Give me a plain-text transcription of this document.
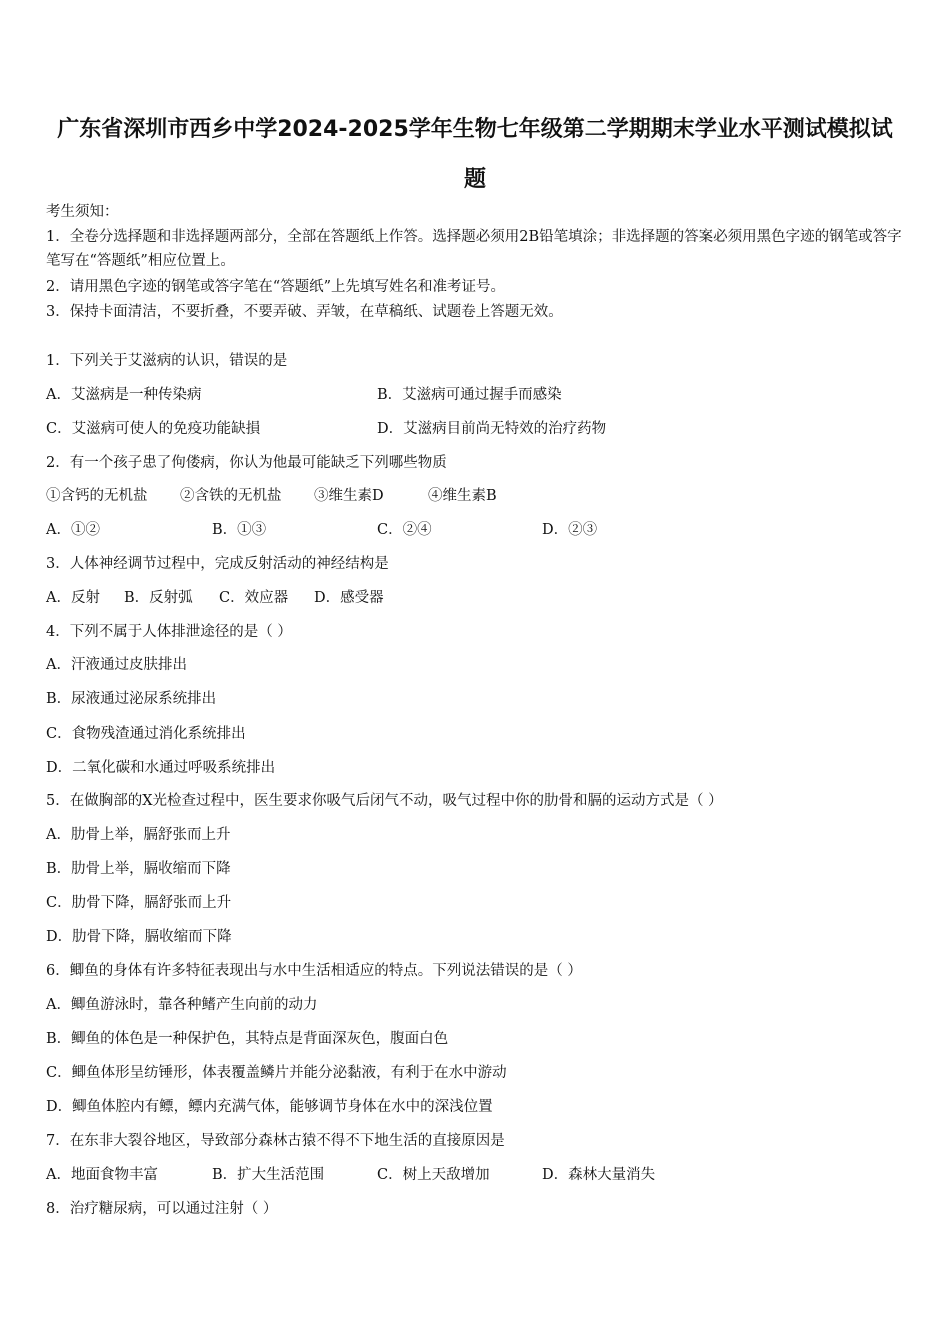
广东省深圳市西乡中学2024-2025学年生物七年级第二学期期末学业水平测试模拟试
题
考生须知：
1．全卷分选择题和非选择题两部分，全部在答题纸上作答。选择题必须用2B铅笔填涂；非选择题的答案必须用黑色字迹的钢笔或答字笔写在“答题纸”相应位置上。
2．请用黑色字迹的钢笔或答字笔在“答题纸”上先填写姓名和准考证号。
3．保持卡面清洁，不要折叠，不要弄破、弄皱，在草稿纸、试题卷上答题无效。
1．下列关于艾滋病的认识，错误的是
A．艾滋病是一种传染病	B．艾滋病可通过握手而感染
C．艾滋病可使人的免疫功能缺損	D．艾滋病目前尚无特效的治疗药物
2．有一个孩子患了佝偻病，你认为他最可能缺乏下列哪些物质
①含钙的无机盐 ②含铁的无机盐 ③维生素D	④维生素B
A．①②	B．①③	C．②④	D．②③
3．人体神经调节过程中，完成反射活动的神经结构是
A．反射 B．反射弧 C．效应器 D．感受器
4．下列不属于人体排泄途径的是（ ）
A．汗液通过皮肤排出
B．尿液通过泌尿系统排出
C．食物残渣通过消化系统排出
D．二氧化碳和水通过呼吸系统排出
5．在做胸部的X光检查过程中，医生要求你吸气后闭气不动，吸气过程中你的肋骨和膈的运动方式是（ ）
A．肋骨上举，膈舒张而上升
B．肋骨上举，膈收缩而下降
C．肋骨下降，膈舒张而上升
D．肋骨下降，膈收缩而下降
6．鲫鱼的身体有许多特征表现出与水中生活相适应的特点。下列说法错误的是（ ）
A．鲫鱼游泳时，靠各种鳍产生向前的动力
B．鲫鱼的体色是一种保护色，其特点是背面深灰色，腹面白色
C．鲫鱼体形呈纺锤形，体表覆盖鳞片并能分泌黏液，有利于在水中游动
D．鲫鱼体腔内有鳔，鳔内充满气体，能够调节身体在水中的深浅位置
7．在东非大裂谷地区，导致部分森林古猿不得不下地生活的直接原因是
A．地面食物丰富	B．扩大生活范围	C．树上天敌增加	D．森林大量消失
8．治疗糖尿病，可以通过注射（ ）
